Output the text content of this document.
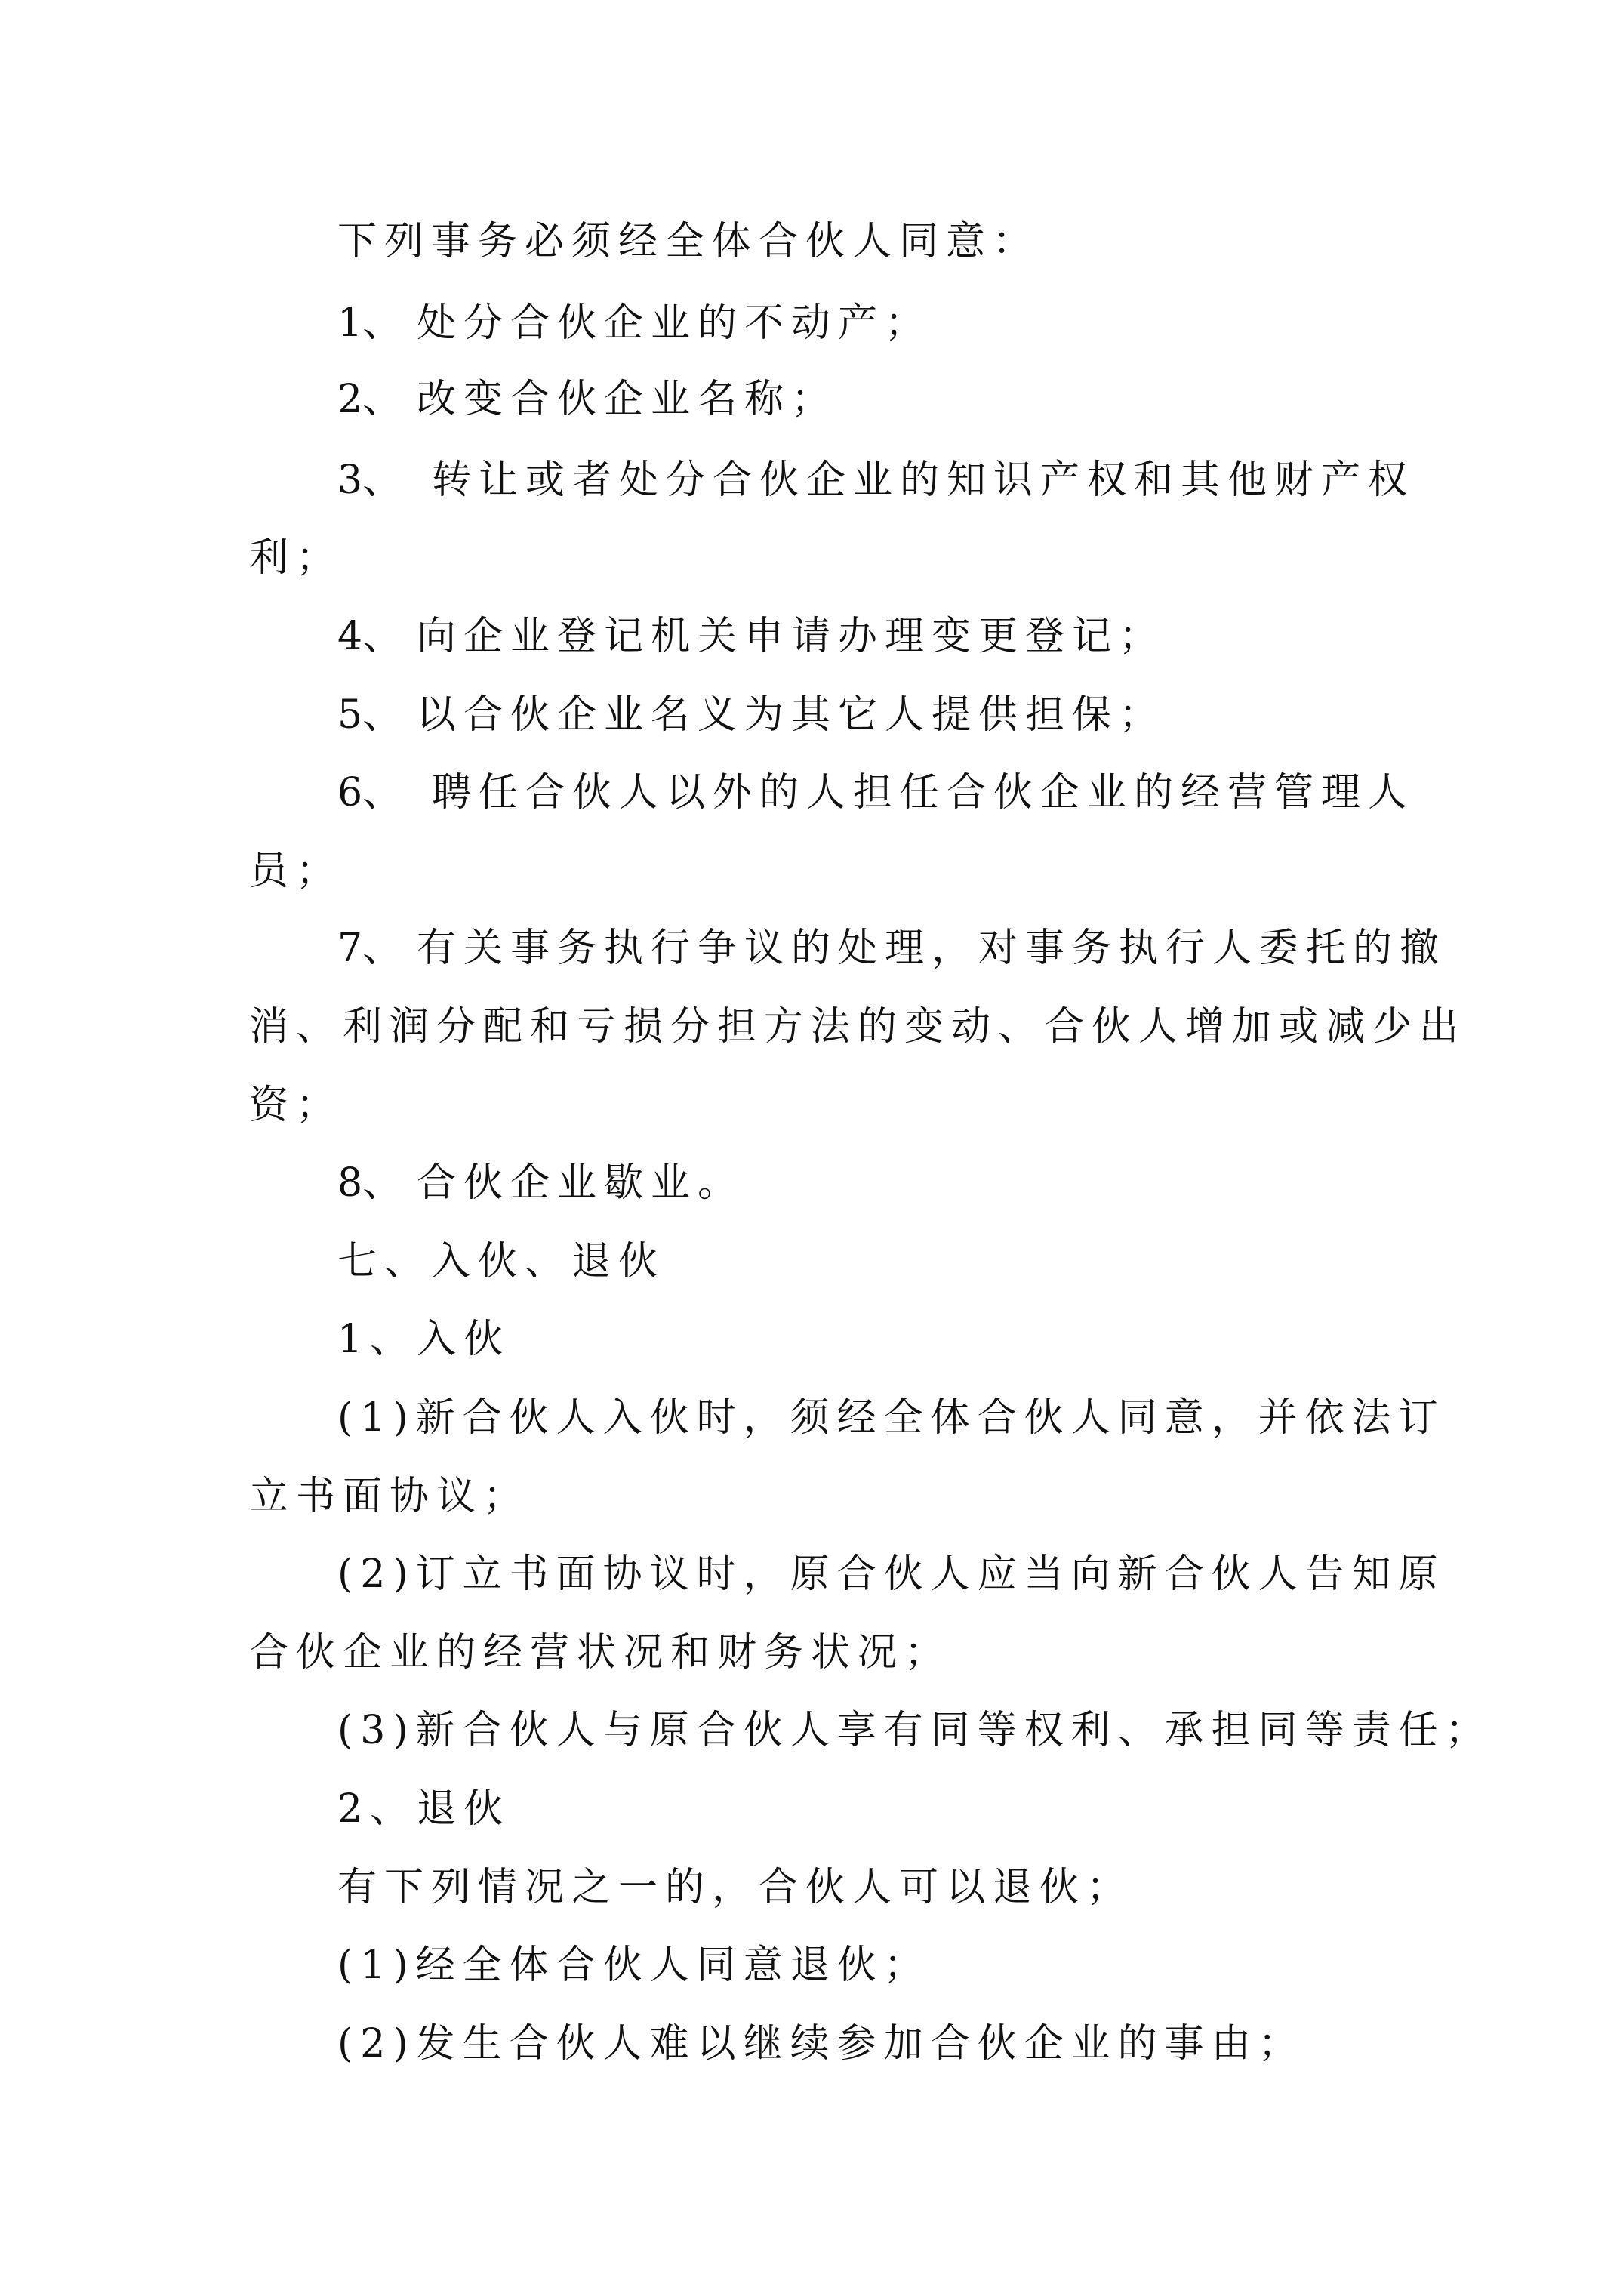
下列事务必须经全体合伙人同意：
1、 处分合伙企业的不动产；
2、 改变合伙企业名称；
3、 转让或者处分合伙企业的知识产权和其他财产权
利；
4、 向企业登记机关申请办理变更登记；
5、 以合伙企业名义为其它人提供担保；
6、 聘任合伙人以外的人担任合伙企业的经营管理人
员；
7、 有关事务执行争议的处理，对事务执行人委托的撤
消、利润分配和亏损分担方法的变动、合伙人增加或减少出
资；
8、 合伙企业歇业。
七、入伙、退伙
1、入伙
(1)新合伙人入伙时，须经全体合伙人同意，并依法订
立书面协议；
(2)订立书面协议时，原合伙人应当向新合伙人告知原
合伙企业的经营状况和财务状况；
(3)新合伙人与原合伙人享有同等权利、承担同等责任；
2、退伙
有下列情况之一的，合伙人可以退伙；
(1)经全体合伙人同意退伙；
(2)发生合伙人难以继续参加合伙企业的事由；
